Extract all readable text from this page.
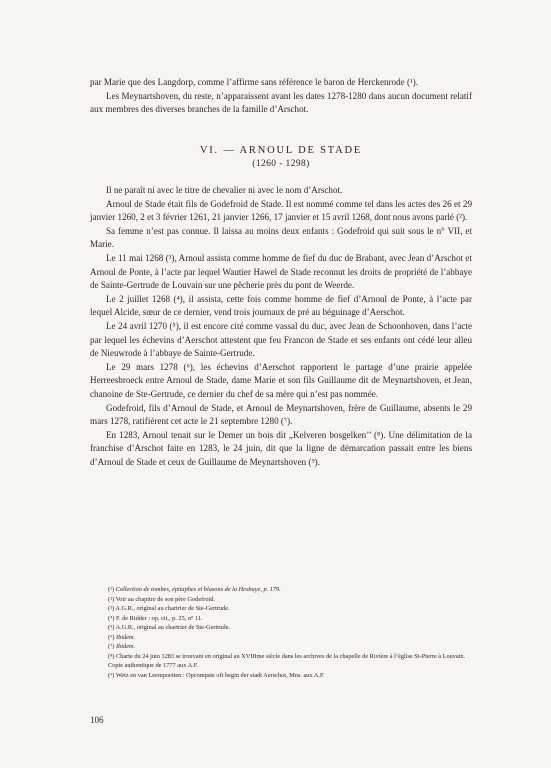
par Marie que des Langdorp, comme l’affirme sans référence le baron de Herckenrode (¹).

Les Meynartshoven, du reste, n’apparaissent avant les dates 1278-1280 dans aucun document relatif aux membres des diverses branches de la famille d’Arschot.

VI. — ARNOUL DE STADE
(1260 - 1298)

Il ne paraît ni avec le titre de chevalier ni avec le nom d’Arschot.

Arnoul de Stade était fils de Godefroid de Stade. Il est nommé comme tel dans les actes des 26 et 29 janvier 1260, 2 et 3 février 1261, 21 janvier 1266, 17 janvier et 15 avril 1268, dont nous avons parlé (²).

Sa femme n’est pas connue. Il laissa au moins deux enfants : Godefroid qui suit sous le n° VII, et Marie.

Le 11 mai 1268 (³), Arnoul assista comme homme de fief du duc de Brabant, avec Jean d’Arschot et Arnoul de Ponte, à l’acte par lequel Wautier Hawel de Stade reconnut les droits de propriété de l’abbaye de Sainte-Gertrude de Louvain sur une pêcherie près du pont de Weerde.

Le 2 juillet 1268 (⁴), il assista, cette fois comme homme de fief d’Arnoul de Ponte, à l’acte par lequel Alcide, sœur de ce dernier, vend trois journaux de pré au béguinage d’Aerschot.

Le 24 avril 1270 (⁵), il est encore cité comme vassal du duc, avec Jean de Schoonhoven, dans l’acte par lequel les échevins d’Aerschot attestent que feu Francon de Stade et ses enfants ont cédé leur alleu de Nieuwrode à l’abbaye de Sainte-Gertrude.

Le 29 mars 1278 (⁶), les échevins d’Aerschot rapportent le partage d’une prairie appelée Herreesbroeck entre Arnoul de Stade, dame Marie et son fils Guillaume dit de Meynartshoven, et Jean, chanoine de Ste-Gertrude, ce dernier du chef de sa mère qui n’est pas nommée.

Godefroid, fils d’Arnoul de Stade, et Arnoul de Meynartshoven, frère de Guillaume, absents le 29 mars 1278, ratifièrent cet acte le 21 septembre 1280 (⁷).

En 1283, Arnoul tenait sur le Demer un bois dit „Kelveren bosgelken’’ (⁸). Une délimitation de la franchise d’Arschot faite en 1283, le 24 juin, dit que la ligne de démarcation passait entre les biens d’Arnoul de Stade et ceux de Guillaume de Meynartshoven (⁹).

(¹) Collection de tombes, épitaphes et blasons de la Hesbaye, p. 179.
(²) Voir au chapitre de son père Godefroid.
(³) A.G.R., original au chartrier de Ste-Gertrude.
(⁴) F. de Ridder : op. cit., p. 25, n° 11.
(⁵) A.G.R., original au chartrier de Ste-Gertrude.
(⁶) Ibidem.
(⁷) Ibidem.
(⁸) Charte du 24 juin 1283 se trouvant en original au XVIIIme siècle dans les archives de la chapelle de Rivière à l’église St-Pierre à Louvain. Copie authentique de 1777 aux A.F.
(⁹) Wetz en van Leempoetten : Opcompste oft begin der stadt Aerschot, Mns. aux A.F.
106
